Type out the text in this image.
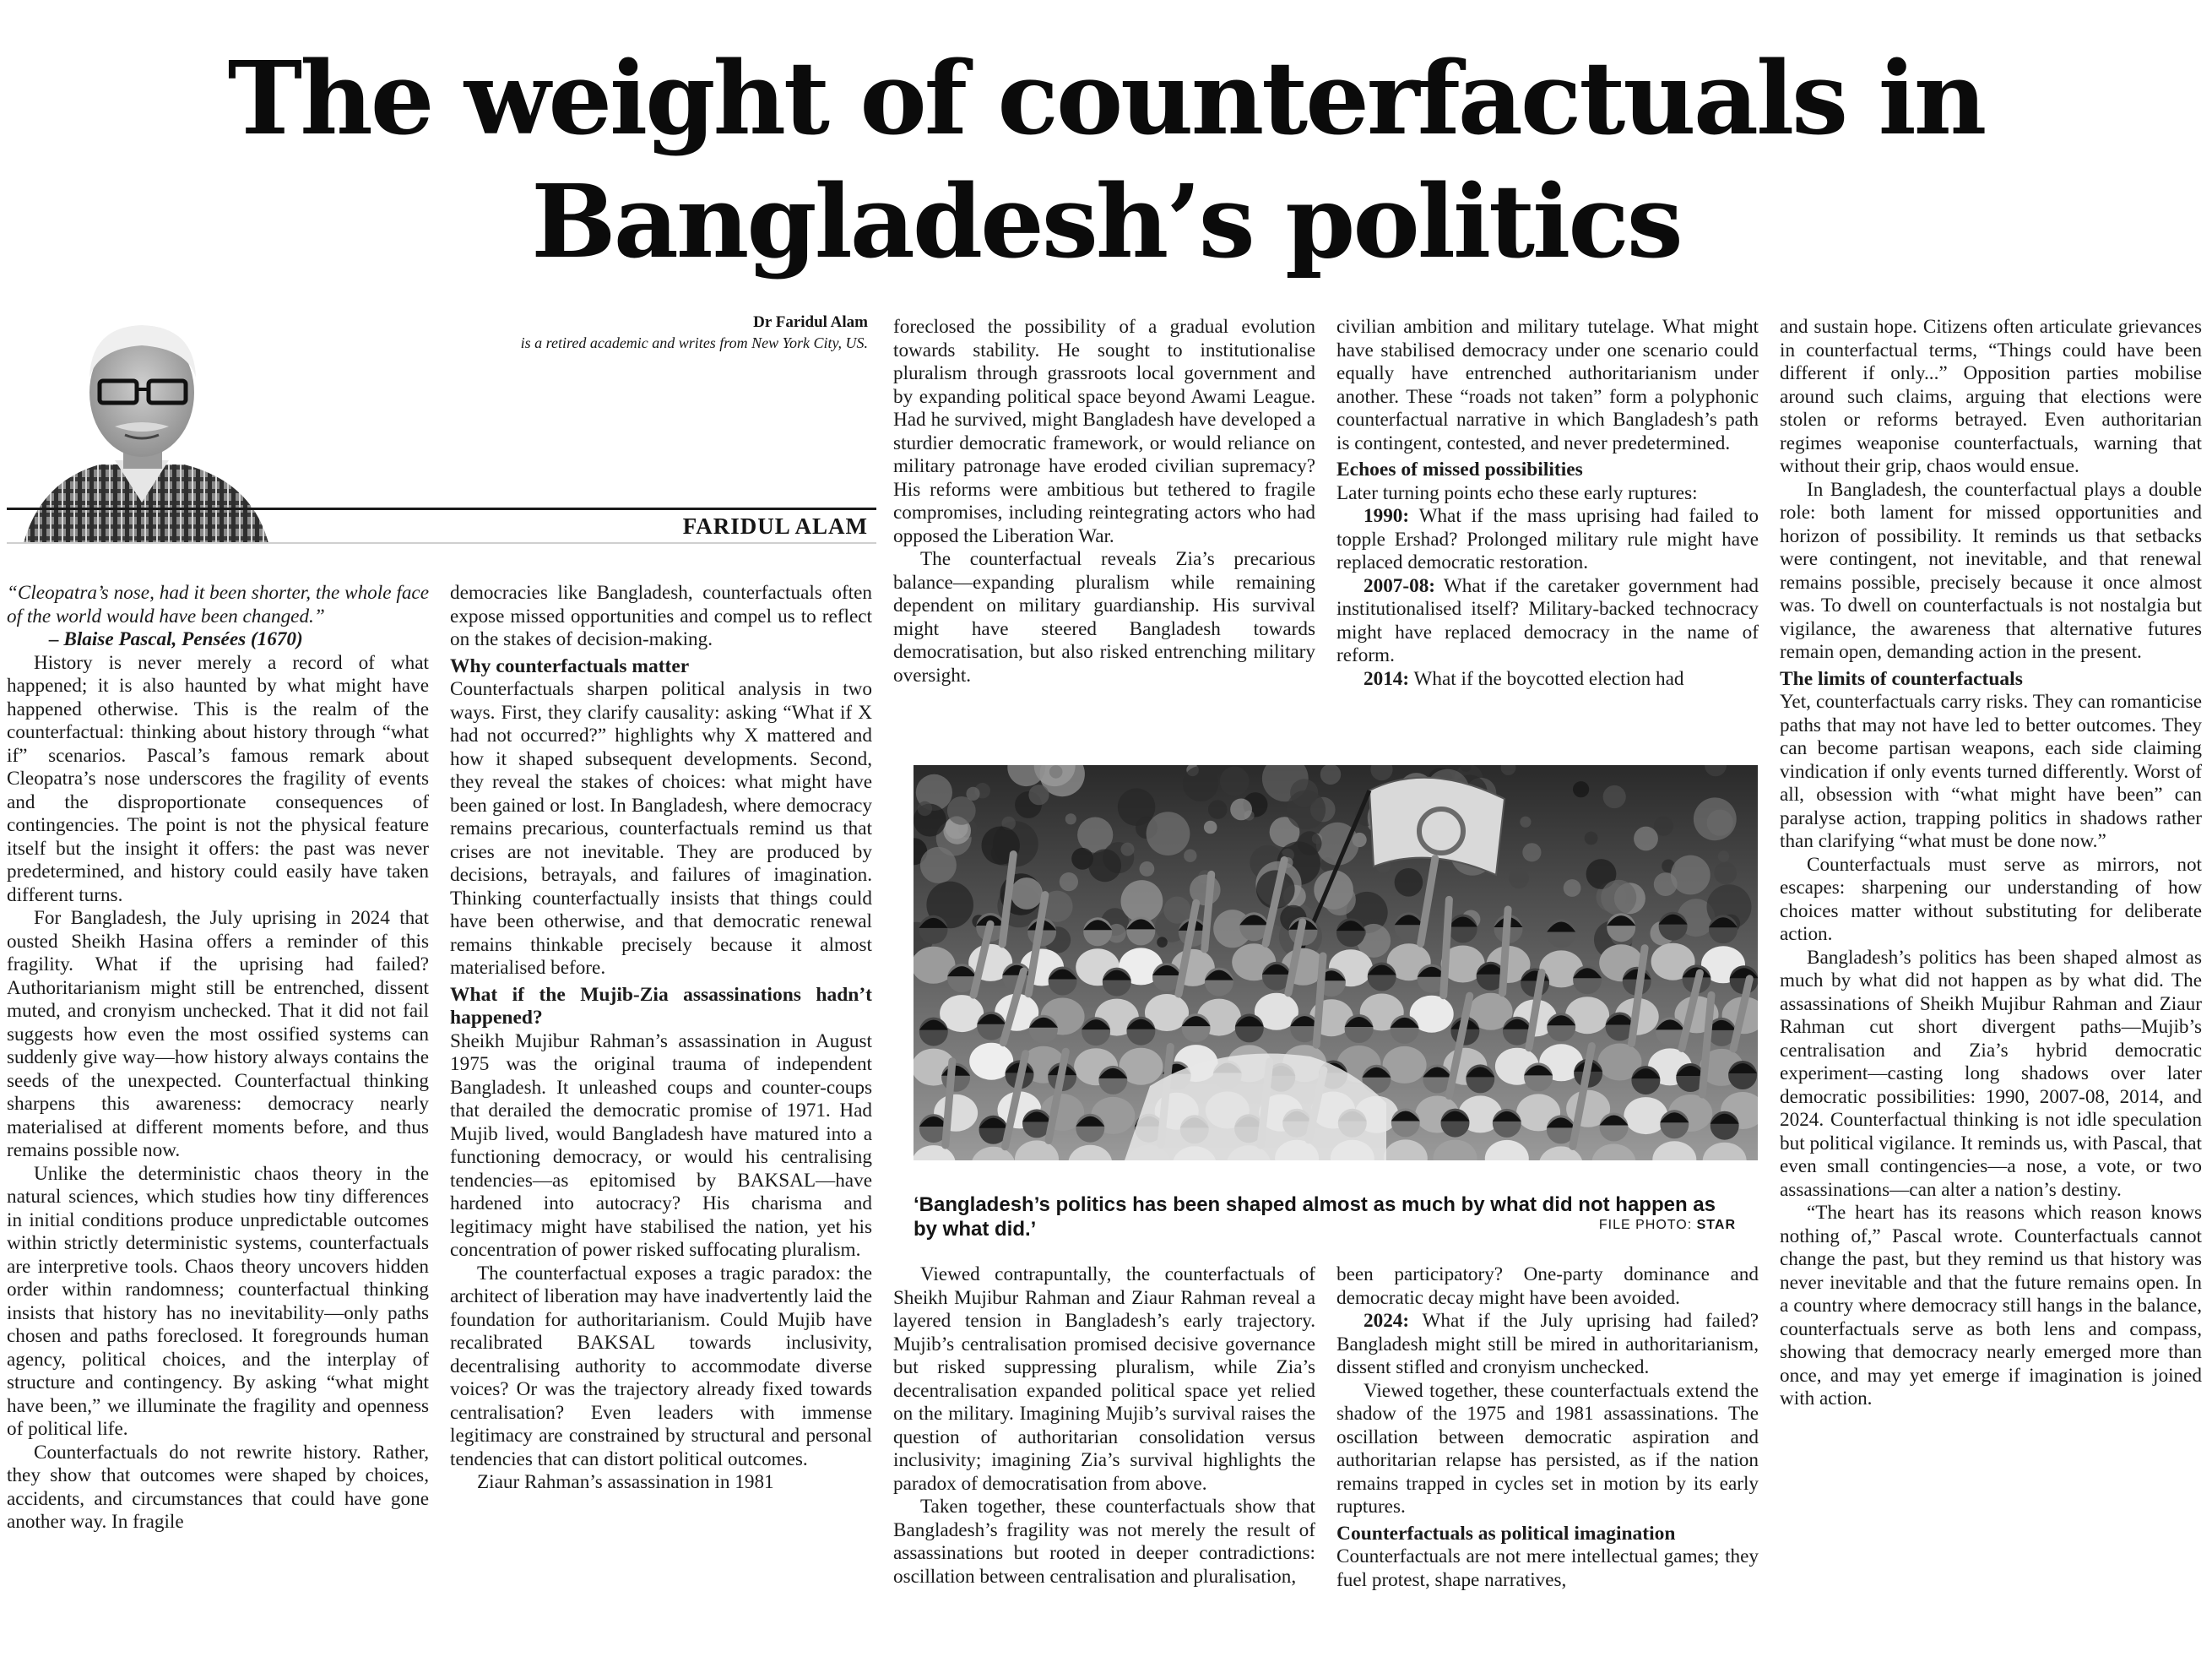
The weight of counterfactuals in
Bangladesh’s politics
Dr Faridul Alam
is a retired academic and writes from New York City, US.
FARIDUL ALAM

“Cleopatra’s nose, had it been shorter, the whole face of the world would have been changed.”

– Blaise Pascal, Pensées (1670)

History is never merely a record of what happened; it is also haunted by what might have happened otherwise. This is the realm of the counterfactual: thinking about history through “what if” scenarios. Pascal’s famous remark about Cleopatra’s nose underscores the fragility of events and the disproportionate consequences of contingencies. The point is not the physical feature itself but the insight it offers: the past was never predetermined, and history could easily have taken different turns.

For Bangladesh, the July uprising in 2024 that ousted Sheikh Hasina offers a reminder of this fragility. What if the uprising had failed? Authoritarianism might still be entrenched, dissent muted, and cronyism unchecked. That it did not fail suggests how even the most ossified systems can suddenly give way—how history always contains the seeds of the unexpected. Counterfactual thinking sharpens this awareness: democracy nearly materialised at different moments before, and thus remains possible now.

Unlike the deterministic chaos theory in the natural sciences, which studies how tiny differences in initial conditions produce unpredictable outcomes within strictly deterministic systems, counterfactuals are interpretive tools. Chaos theory uncovers hidden order within randomness; counterfactual thinking insists that history has no inevitability—only paths chosen and paths foreclosed. It foregrounds human agency, political choices, and the interplay of structure and contingency. By asking “what might have been,” we illuminate the fragility and openness of political life.

Counterfactuals do not rewrite history. Rather, they show that outcomes were shaped by choices, accidents, and circumstances that could have gone another way. In fragile

democracies like Bangladesh, counterfactuals often expose missed opportunities and compel us to reflect on the stakes of decision-making.

Why counterfactuals matter

Counterfactuals sharpen political analysis in two ways. First, they clarify causality: asking “What if X had not occurred?” highlights why X mattered and how it shaped subsequent developments. Second, they reveal the stakes of choices: what might have been gained or lost. In Bangladesh, where democracy remains precarious, counterfactuals remind us that crises are not inevitable. They are produced by decisions, betrayals, and failures of imagination. Thinking counterfactually insists that things could have been otherwise, and that democratic renewal remains thinkable precisely because it almost materialised before.

What if the Mujib-Zia assassinations hadn’t happened?

Sheikh Mujibur Rahman’s assassination in August 1975 was the original trauma of independent Bangladesh. It unleashed coups and counter-coups that derailed the democratic promise of 1971. Had Mujib lived, would Bangladesh have matured into a functioning democracy, or would his centralising tendencies—as epitomised by BAKSAL—have hardened into autocracy? His charisma and legitimacy might have stabilised the nation, yet his concentration of power risked suffocating pluralism.

The counterfactual exposes a tragic paradox: the architect of liberation may have inadvertently laid the foundation for authoritarianism. Could Mujib have recalibrated BAKSAL towards inclusivity, decentralising authority to accommodate diverse voices? Or was the trajectory already fixed towards centralisation? Even leaders with immense legitimacy are constrained by structural and personal tendencies that can distort political outcomes.

Ziaur Rahman’s assassination in 1981

foreclosed the possibility of a gradual evolution towards stability. He sought to institutionalise pluralism through grassroots local government and by expanding political space beyond Awami League. Had he survived, might Bangladesh have developed a sturdier democratic framework, or would reliance on military patronage have eroded civilian supremacy? His reforms were ambitious but tethered to fragile compromises, including reintegrating actors who had opposed the Liberation War.

The counterfactual reveals Zia’s precarious balance—expanding pluralism while remaining dependent on military guardianship. His survival might have steered Bangladesh towards democratisation, but also risked entrenching military oversight.

civilian ambition and military tutelage. What might have stabilised democracy under one scenario could equally have entrenched authoritarianism under another. These “roads not taken” form a polyphonic counterfactual narrative in which Bangladesh’s path is contingent, contested, and never predetermined.

Echoes of missed possibilities

Later turning points echo these early ruptures:

1990: What if the mass uprising had failed to topple Ershad? Prolonged military rule might have replaced democratic restoration.

2007-08: What if the caretaker government had institutionalised itself? Military-backed technocracy might have replaced democracy in the name of reform.

2014: What if the boycotted election had

‘Bangladesh’s politics has been shaped almost as much by what did not happen as by what did.’	FILE PHOTO: STAR

Viewed contrapuntally, the counterfactuals of Sheikh Mujibur Rahman and Ziaur Rahman reveal a layered tension in Bangladesh’s early trajectory. Mujib’s centralisation promised decisive governance but risked suppressing pluralism, while Zia’s decentralisation expanded political space yet relied on the military. Imagining Mujib’s survival raises the question of authoritarian consolidation versus inclusivity; imagining Zia’s survival highlights the paradox of democratisation from above.

Taken together, these counterfactuals show that Bangladesh’s fragility was not merely the result of assassinations but rooted in deeper contradictions: oscillation between centralisation and pluralisation,

been participatory? One-party dominance and democratic decay might have been avoided.

2024: What if the July uprising had failed? Bangladesh might still be mired in authoritarianism, dissent stifled and cronyism unchecked.

Viewed together, these counterfactuals extend the shadow of the 1975 and 1981 assassinations. The oscillation between democratic aspiration and authoritarian relapse has persisted, as if the nation remains trapped in cycles set in motion by its early ruptures.

Counterfactuals as political imagination

Counterfactuals are not mere intellectual games; they fuel protest, shape narratives,

and sustain hope. Citizens often articulate grievances in counterfactual terms, “Things could have been different if only...” Opposition parties mobilise around such claims, arguing that elections were stolen or reforms betrayed. Even authoritarian regimes weaponise counterfactuals, warning that without their grip, chaos would ensue.

In Bangladesh, the counterfactual plays a double role: both lament for missed opportunities and horizon of possibility. It reminds us that setbacks were contingent, not inevitable, and that renewal remains possible, precisely because it once almost was. To dwell on counterfactuals is not nostalgia but vigilance, the awareness that alternative futures remain open, demanding action in the present.

The limits of counterfactuals

Yet, counterfactuals carry risks. They can romanticise paths that may not have led to better outcomes. They can become partisan weapons, each side claiming vindication if only events turned differently. Worst of all, obsession with “what might have been” can paralyse action, trapping politics in shadows rather than clarifying “what must be done now.”

Counterfactuals must serve as mirrors, not escapes: sharpening our understanding of how choices matter without substituting for deliberate action.

Bangladesh’s politics has been shaped almost as much by what did not happen as by what did. The assassinations of Sheikh Mujibur Rahman and Ziaur Rahman cut short divergent paths—Mujib’s centralisation and Zia’s hybrid democratic experiment—casting long shadows over later democratic possibilities: 1990, 2007-08, 2014, and 2024. Counterfactual thinking is not idle speculation but political vigilance. It reminds us, with Pascal, that even small contingencies—a nose, a vote, or two assassinations—can alter a nation’s destiny.

“The heart has its reasons which reason knows nothing of,” Pascal wrote. Counterfactuals cannot change the past, but they remind us that history was never inevitable and that the future remains open. In a country where democracy still hangs in the balance, counterfactuals serve as both lens and compass, showing that democracy nearly emerged more than once, and may yet emerge if imagination is joined with action.
